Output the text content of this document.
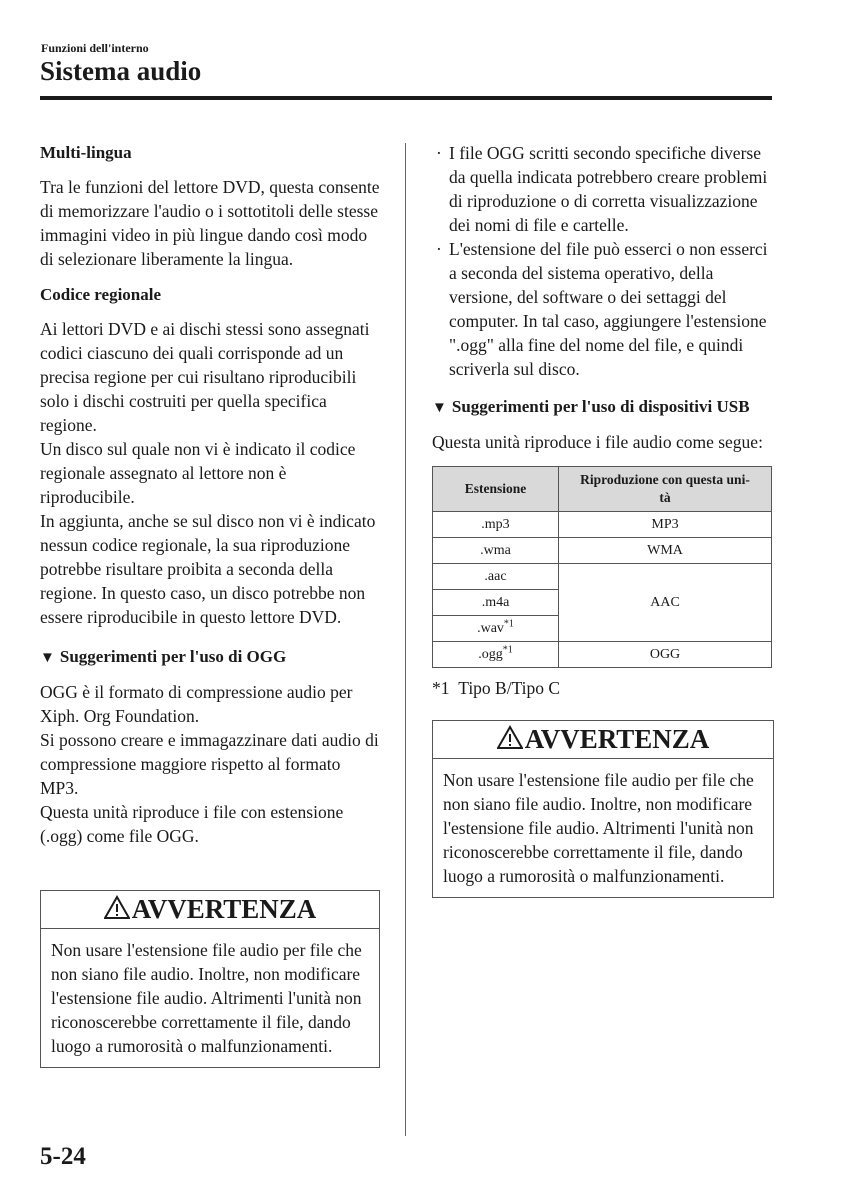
Funzioni dell'interno
Sistema audio

Multi-lingua

Tra le funzioni del lettore DVD, questa consente di memorizzare l'audio o i sottotitoli delle stesse immagini video in più lingue dando così modo di selezionare liberamente la lingua.

Codice regionale

Ai lettori DVD e ai dischi stessi sono assegnati codici ciascuno dei quali corrisponde ad un precisa regione per cui risultano riproducibili solo i dischi costruiti per quella specifica regione.

Un disco sul quale non vi è indicato il codice regionale assegnato al lettore non è riproducibile.

In aggiunta, anche se sul disco non vi è indicato nessun codice regionale, la sua riproduzione potrebbe risultare proibita a seconda della regione. In questo caso, un disco potrebbe non essere riproducibile in questo lettore DVD.

▼ Suggerimenti per l'uso di OGG

OGG è il formato di compressione audio per Xiph. Org Foundation.

Si possono creare e immagazzinare dati audio di compressione maggiore rispetto al formato MP3.

Questa unità riproduce i file con estensione (.ogg) come file OGG.

AVVERTENZA
Non usare l'estensione file audio per file che non siano file audio. Inoltre, non modificare l'estensione file audio. Altrimenti l'unità non riconoscerebbe correttamente il file, dando luogo a rumorosità o malfunzionamenti.

· I file OGG scritti secondo specifiche diverse da quella indicata potrebbero creare problemi di riproduzione o di corretta visualizzazione dei nomi di file e cartelle.

· L'estensione del file può esserci o non esserci a seconda del sistema operativo, della versione, del software o dei settaggi del computer. In tal caso, aggiungere l'estensione ".ogg" alla fine del nome del file, e quindi scriverla sul disco.

▼ Suggerimenti per l'uso di dispositivi USB

Questa unità riproduce i file audio come segue:

Estensione	Riproduzione con questa uni-
tà
.mp3	MP3
.wma	WMA
.aac	AAC
.m4a	
.wav$^{*1}$
.ogg$^{*1}$	OGG

*1 Tipo B/Tipo C

AVVERTENZA
Non usare l'estensione file audio per file che non siano file audio. Inoltre, non modificare l'estensione file audio. Altrimenti l'unità non riconoscerebbe correttamente il file, dando luogo a rumorosità o malfunzionamenti.
5-24
